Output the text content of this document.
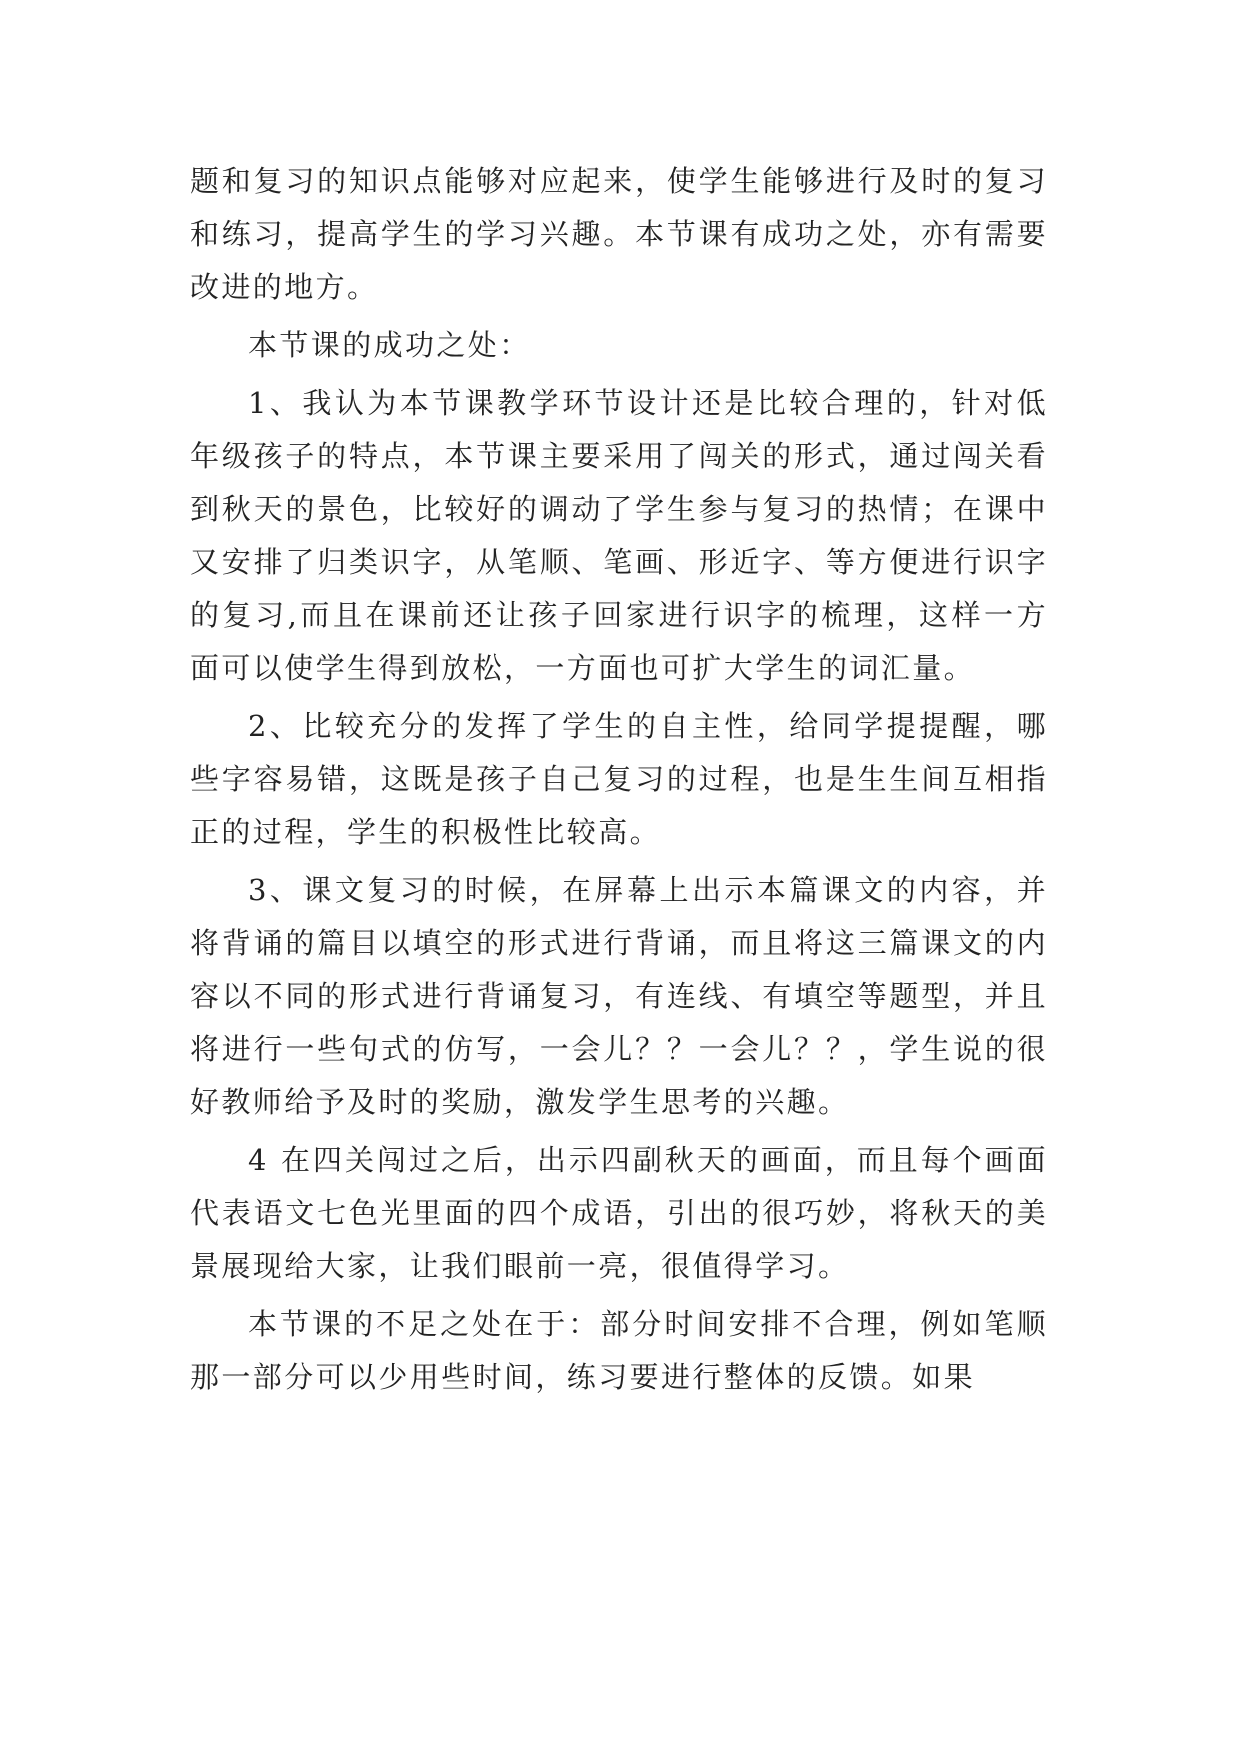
题和复习的知识点能够对应起来，使学生能够进行及时的复习和练习，提高学生的学习兴趣。本节课有成功之处，亦有需要改进的地方。

本节课的成功之处：

1、我认为本节课教学环节设计还是比较合理的，针对低年级孩子的特点，本节课主要采用了闯关的形式，通过闯关看到秋天的景色，比较好的调动了学生参与复习的热情；在课中又安排了归类识字，从笔顺、笔画、形近字、等方便进行识字的复习,而且在课前还让孩子回家进行识字的梳理，这样一方面可以使学生得到放松，一方面也可扩大学生的词汇量。

2、比较充分的发挥了学生的自主性，给同学提提醒，哪些字容易错，这既是孩子自己复习的过程，也是生生间互相指正的过程，学生的积极性比较高。

3、课文复习的时候，在屏幕上出示本篇课文的内容，并将背诵的篇目以填空的形式进行背诵，而且将这三篇课文的内容以不同的形式进行背诵复习，有连线、有填空等题型，并且将进行一些句式的仿写，一会儿？？一会儿？？，学生说的很好教师给予及时的奖励，激发学生思考的兴趣。

4 在四关闯过之后，出示四副秋天的画面，而且每个画面代表语文七色光里面的四个成语，引出的很巧妙，将秋天的美景展现给大家，让我们眼前一亮，很值得学习。

本节课的不足之处在于：部分时间安排不合理，例如笔顺那一部分可以少用些时间，练习要进行整体的反馈。如果
